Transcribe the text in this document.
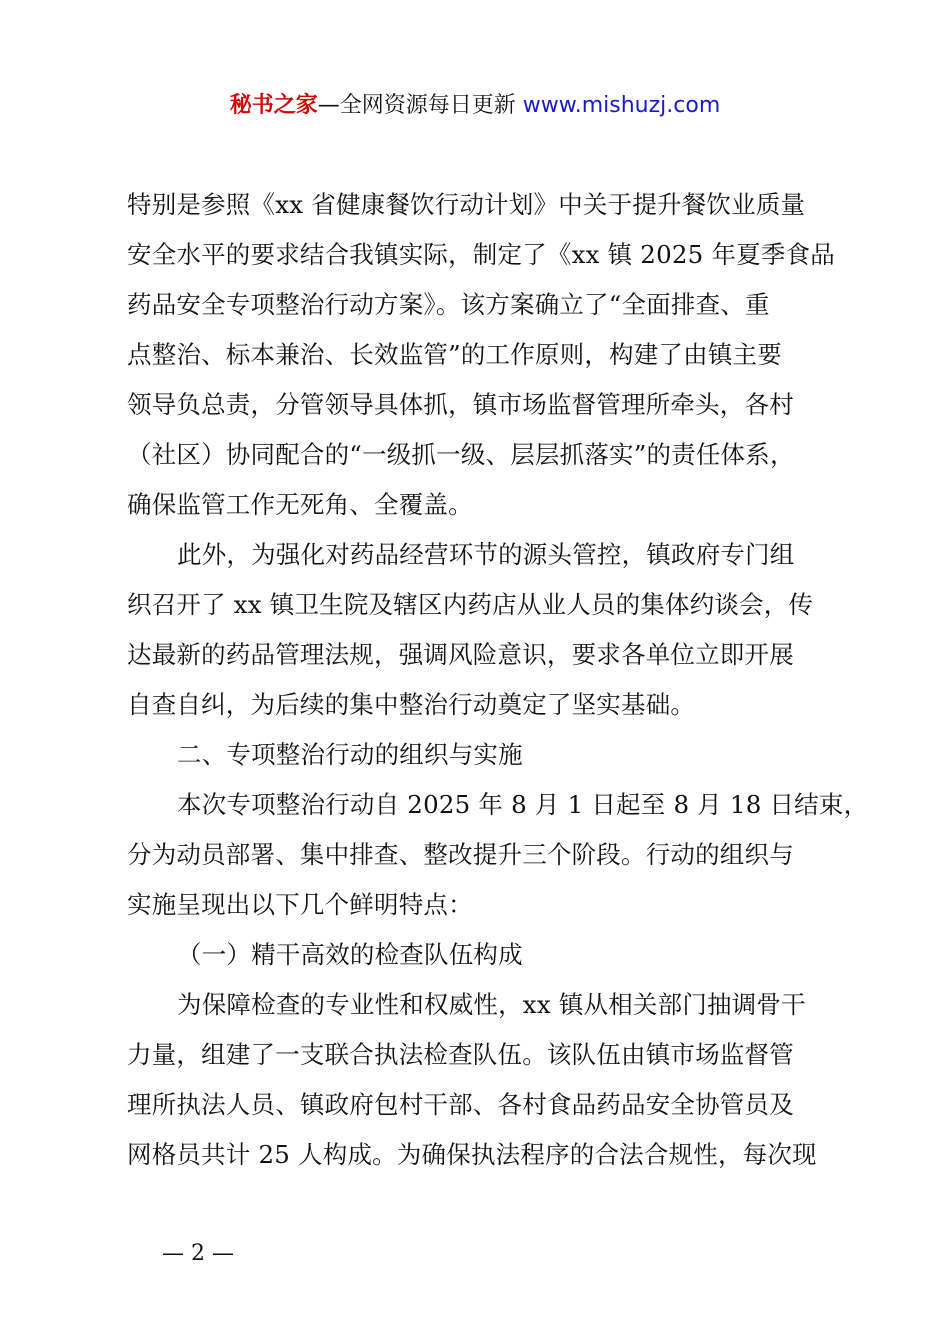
秘书之家—全网资源每日更新 www.mishuzj.com
特别是参照《xx 省健康餐饮行动计划》中关于提升餐饮业质量
安全水平的要求结合我镇实际，制定了《xx 镇 2025 年夏季食品
药品安全专项整治行动方案》。该方案确立了“全面排查、重
点整治、标本兼治、长效监管”的工作原则，构建了由镇主要
领导负总责，分管领导具体抓，镇市场监督管理所牵头，各村
（社区）协同配合的“一级抓一级、层层抓落实”的责任体系，
确保监管工作无死角、全覆盖。
此外，为强化对药品经营环节的源头管控，镇政府专门组
织召开了 xx 镇卫生院及辖区内药店从业人员的集体约谈会，传
达最新的药品管理法规，强调风险意识，要求各单位立即开展
自查自纠，为后续的集中整治行动奠定了坚实基础。
二、专项整治行动的组织与实施
本次专项整治行动自 2025 年 8 月 1 日起至 8 月 18 日结束，
分为动员部署、集中排查、整改提升三个阶段。行动的组织与
实施呈现出以下几个鲜明特点：
（一）精干高效的检查队伍构成
为保障检查的专业性和权威性，xx 镇从相关部门抽调骨干
力量，组建了一支联合执法检查队伍。该队伍由镇市场监督管
理所执法人员、镇政府包村干部、各村食品药品安全协管员及
网格员共计 25 人构成。为确保执法程序的合法合规性，每次现
— 2 —
